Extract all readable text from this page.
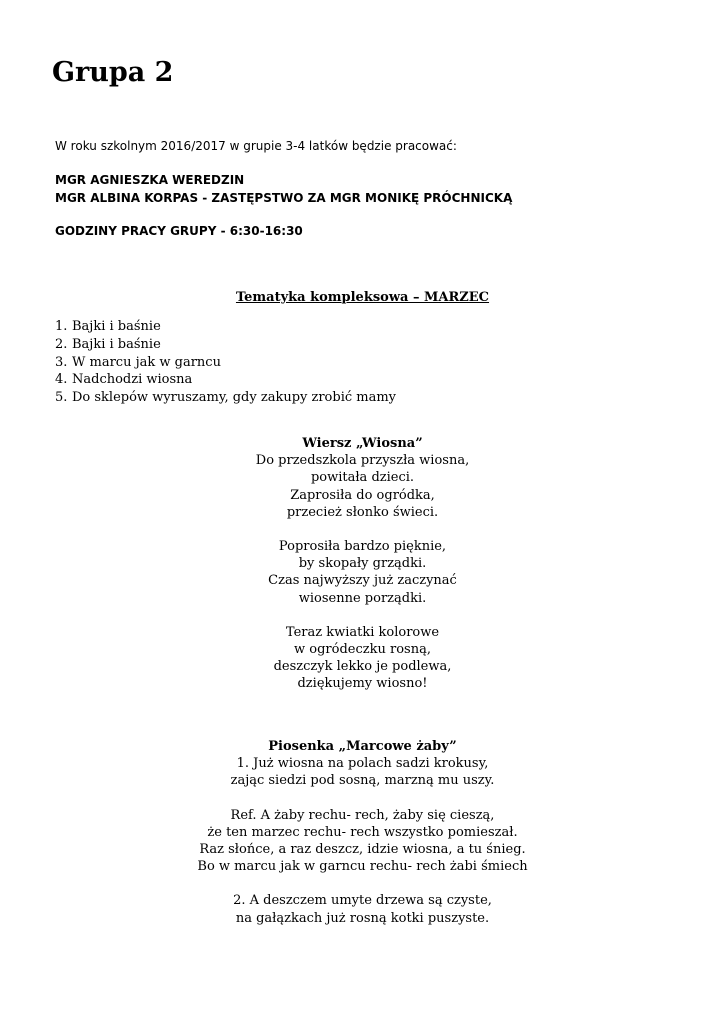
Grupa 2
W roku szkolnym 2016/2017 w grupie 3-4 latków będzie pracować:
MGR AGNIESZKA WEREDZIN
MGR ALBINA KORPAS - ZASTĘPSTWO ZA MGR MONIKĘ PRÓCHNICKĄ
GODZINY PRACY GRUPY - 6:30-16:30
Tematyka kompleksowa – MARZEC
1. Bajki i baśnie
2. Bajki i baśnie
3. W marcu jak w garncu
4. Nadchodzi wiosna
5. Do sklepów wyruszamy, gdy zakupy zrobić mamy
Wiersz „Wiosna”
Do przedszkola przyszła wiosna,
powitała dzieci.
Zaprosiła do ogródka,
przecież słonko świeci.
Poprosiła bardzo pięknie,
by skopały grządki.
Czas najwyższy już zaczynać
wiosenne porządki.
Teraz kwiatki kolorowe
w ogródeczku rosną,
deszczyk lekko je podlewa,
dziękujemy wiosno!
Piosenka „Marcowe żaby”
1. Już wiosna na polach sadzi krokusy,
zając siedzi pod sosną, marzną mu uszy.
Ref. A żaby rechu- rech, żaby się cieszą,
że ten marzec rechu- rech wszystko pomieszał.
Raz słońce, a raz deszcz, idzie wiosna, a tu śnieg.
Bo w marcu jak w garncu rechu- rech żabi śmiech
2. A deszczem umyte drzewa są czyste,
na gałązkach już rosną kotki puszyste.
